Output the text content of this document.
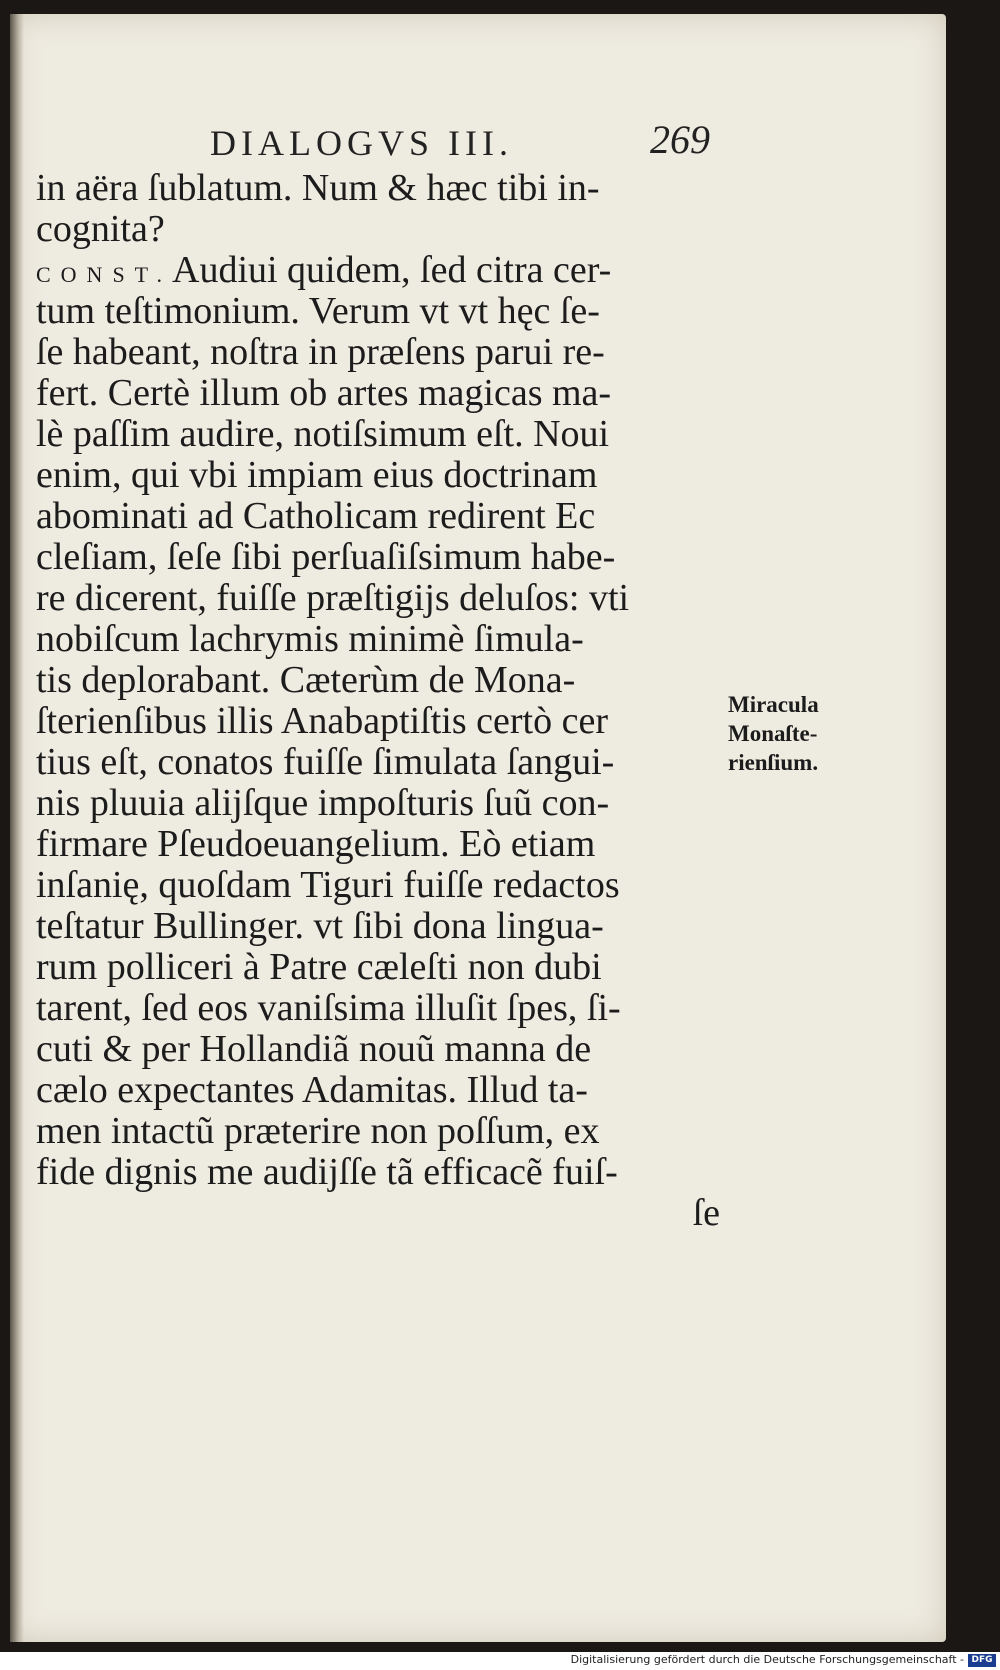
DIALOGVS III.	269
in aëra ſublatum. Num & hæc tibi in-
cognita?
CONST.Audiui quidem, ſed citra cer-
tum teſtimonium. Verum vt vt hęc ſe-
ſe habeant, noſtra in præſens parui re-
fert. Certè illum ob artes magicas ma-
lè paſſim audire, notiſsimum eſt. Noui
enim, qui vbi impiam eius doctrinam
abominati ad Catholicam redirent Ec
cleſiam, ſeſe ſibi perſuaſiſsimum habe-
re dicerent, fuiſſe præſtigijs deluſos: vti
nobiſcum lachrymis minimè ſimula-
tis deplorabant. Cæterùm de Mona-
ſterienſibus illis Anabaptiſtis certò cer
tius eſt, conatos fuiſſe ſimulata ſangui-
nis pluuia alijſque impoſturis ſuũ con-
firmare Pſeudoeuangelium. Eò etiam
inſanię, quoſdam Tiguri fuiſſe redactos
teſtatur Bullinger. vt ſibi dona lingua-
rum polliceri à Patre cæleſti non dubi
tarent, ſed eos vaniſsima illuſit ſpes, ſi-
cuti & per Hollandiã nouũ manna de
cælo expectantes Adamitas. Illud ta-
men intactũ præterire non poſſum, ex
fide dignis me audijſſe tã efficacẽ fuiſ-
ſe
Miracula
Monaſte-
rienſium.
Digitalisierung gefördert durch die Deutsche Forschungsgemeinschaft - DFG
